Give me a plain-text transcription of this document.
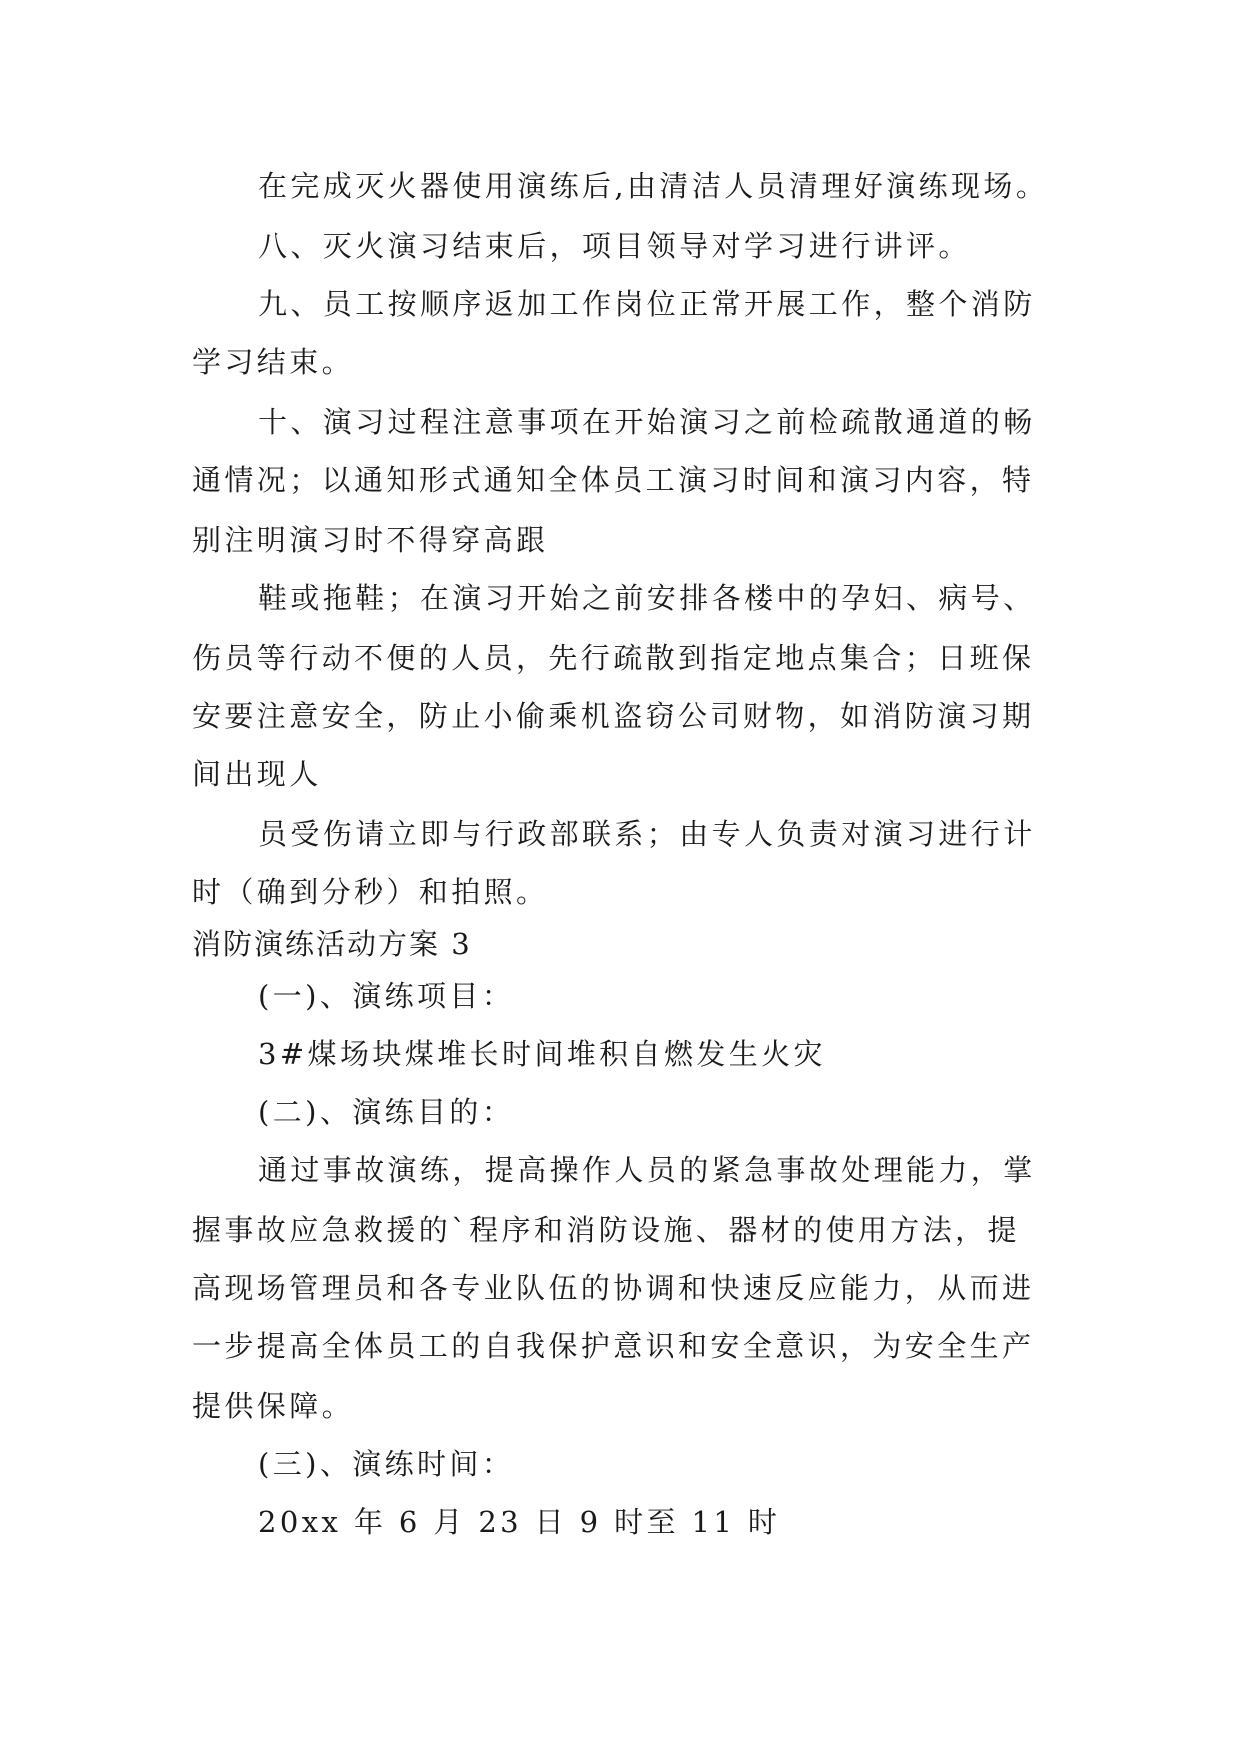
在完成灭火器使用演练后,由清洁人员清理好演练现场。
八、灭火演习结束后，项目领导对学习进行讲评。
九、员工按顺序返加工作岗位正常开展工作，整个消防
学习结束。
十、演习过程注意事项在开始演习之前检疏散通道的畅
通情况；以通知形式通知全体员工演习时间和演习内容，特
别注明演习时不得穿高跟
鞋或拖鞋；在演习开始之前安排各楼中的孕妇、病号、
伤员等行动不便的人员，先行疏散到指定地点集合；日班保
安要注意安全，防止小偷乘机盗窃公司财物，如消防演习期
间出现人
员受伤请立即与行政部联系；由专人负责对演习进行计
时（确到分秒）和拍照。
消防演练活动方案 3
(一)、演练项目：
3#煤场块煤堆长时间堆积自燃发生火灾
(二)、演练目的：
通过事故演练，提高操作人员的紧急事故处理能力，掌
握事故应急救援的`程序和消防设施、器材的使用方法，提
高现场管理员和各专业队伍的协调和快速反应能力，从而进
一步提高全体员工的自我保护意识和安全意识，为安全生产
提供保障。
(三)、演练时间：
20xx 年 6 月 23 日 9 时至 11 时
